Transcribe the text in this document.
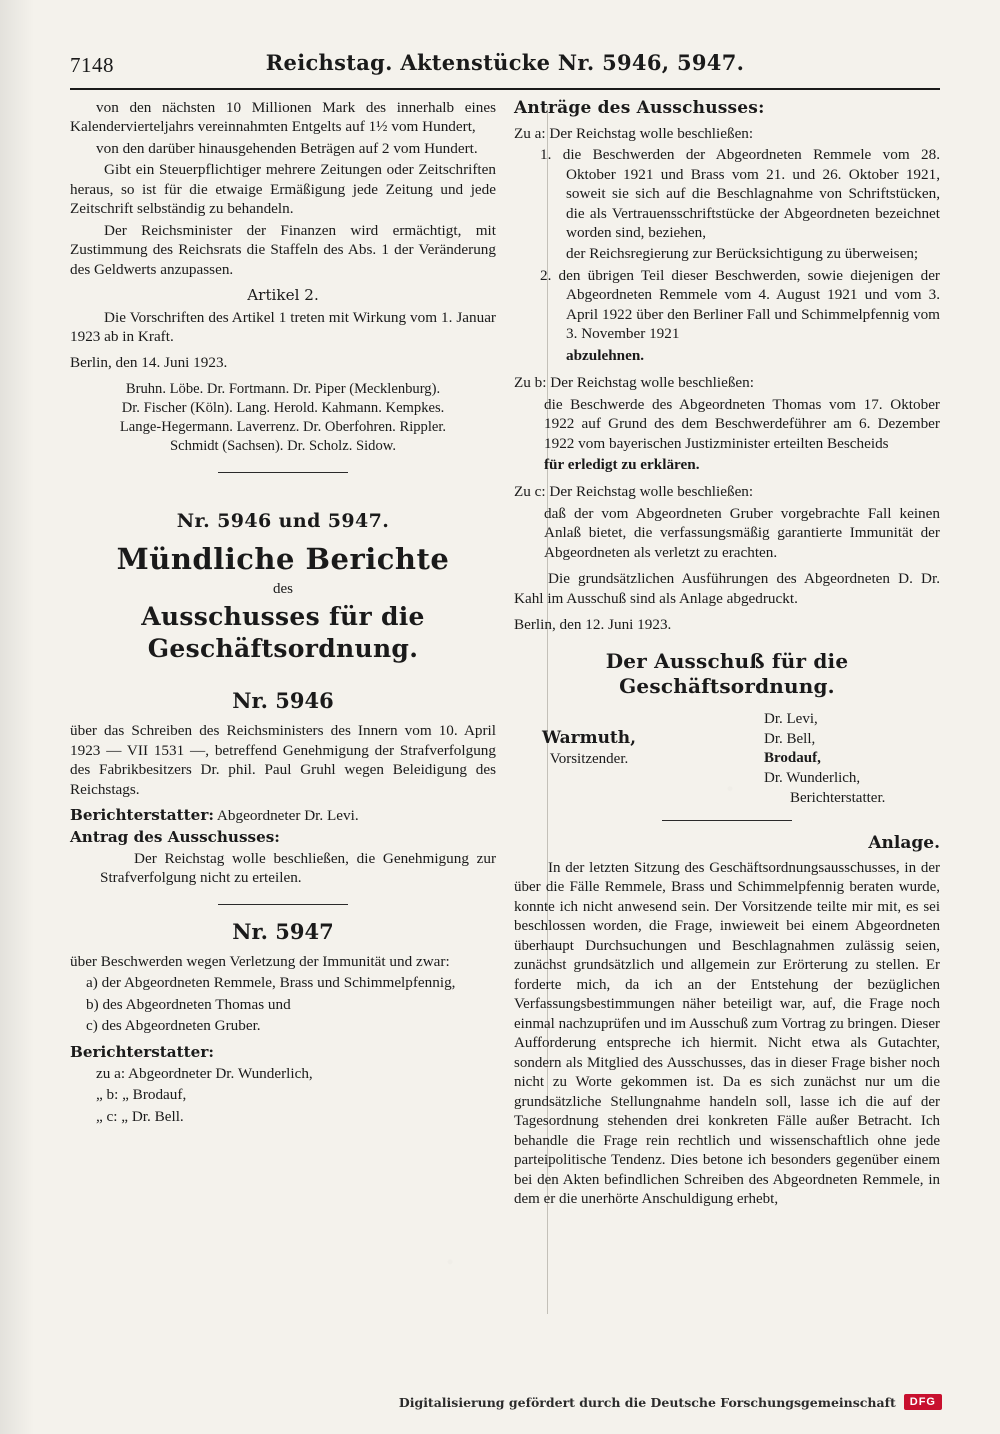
7148	Reichstag. Aktenstücke Nr. 5946, 5947.

von den nächsten 10 Millionen Mark des innerhalb eines Kalendervierteljahrs vereinnahmten Entgelts auf 1½ vom Hundert,

von den darüber hinausgehenden Beträgen auf 2 vom Hundert.

Gibt ein Steuerpflichtiger mehrere Zeitungen oder Zeitschriften heraus, so ist für die etwaige Ermäßigung jede Zeitung und jede Zeitschrift selbständig zu behandeln.

Der Reichsminister der Finanzen wird ermächtigt, mit Zustimmung des Reichsrats die Staffeln des Abs. 1 der Veränderung des Geldwerts anzupassen.

Artikel 2.

Die Vorschriften des Artikel 1 treten mit Wirkung vom 1. Januar 1923 ab in Kraft.

Berlin, den 14. Juni 1923.

Bruhn. Löbe. Dr. Fortmann. Dr. Piper (Mecklenburg).
Dr. Fischer (Köln). Lang. Herold. Kahmann. Kempkes.
Lange-Hegermann. Laverrenz. Dr. Oberfohren. Rippler.
Schmidt (Sachsen). Dr. Scholz. Sidow.

Nr. 5946 und 5947.

Mündliche Berichte

des

Ausschusses für die Geschäftsordnung.

Nr. 5946

über das Schreiben des Reichsministers des Innern vom 10. April 1923 — VII 1531 —, betreffend Genehmigung der Strafverfolgung des Fabrikbesitzers Dr. phil. Paul Gruhl wegen Beleidigung des Reichstags.

Berichterstatter: Abgeordneter Dr. Levi.

Antrag des Ausschusses:

Der Reichstag wolle beschließen, die Genehmigung zur Strafverfolgung nicht zu erteilen.

Nr. 5947

über Beschwerden wegen Verletzung der Immunität und zwar:

a) der Abgeordneten Remmele, Brass und Schimmelpfennig,

b) des Abgeordneten Thomas und

c) des Abgeordneten Gruber.

Berichterstatter:

zu a: Abgeordneter Dr. Wunderlich,

„ b: „ Brodauf,

„ c: „ Dr. Bell.

Anträge des Ausschusses:

Zu a: Der Reichstag wolle beschließen:

1. die Beschwerden der Abgeordneten Remmele vom 28. Oktober 1921 und Brass vom 21. und 26. Oktober 1921, soweit sie sich auf die Beschlagnahme von Schriftstücken, die als Vertrauensschriftstücke der Abgeordneten bezeichnet worden sind, beziehen,

der Reichsregierung zur Berücksichtigung zu überweisen;

2. den übrigen Teil dieser Beschwerden, sowie diejenigen der Abgeordneten Remmele vom 4. August 1921 und vom 3. April 1922 über den Berliner Fall und Schimmelpfennig vom 3. November 1921

abzulehnen.

Zu b: Der Reichstag wolle beschließen:

die Beschwerde des Abgeordneten Thomas vom 17. Oktober 1922 auf Grund des dem Beschwerdeführer am 6. Dezember 1922 vom bayerischen Justizminister erteilten Bescheids

für erledigt zu erklären.

Zu c: Der Reichstag wolle beschließen:

daß der vom Abgeordneten Gruber vorgebrachte Fall keinen Anlaß bietet, die verfassungsmäßig garantierte Immunität der Abgeordneten als verletzt zu erachten.

Die grundsätzlichen Ausführungen des Abgeordneten D. Dr. Kahl im Ausschuß sind als Anlage abgedruckt.

Berlin, den 12. Juni 1923.

Der Ausschuß für die Geschäftsordnung.

Warmuth,
Vorsitzender.
Dr. Levi,
Dr. Bell,
Brodauf,
Dr. Wunderlich,
Berichterstatter.

Anlage.

In der letzten Sitzung des Geschäftsordnungsausschusses, in der über die Fälle Remmele, Brass und Schimmelpfennig beraten wurde, konnte ich nicht anwesend sein. Der Vorsitzende teilte mir mit, es sei beschlossen worden, die Frage, inwieweit bei einem Abgeordneten überhaupt Durchsuchungen und Beschlagnahmen zulässig seien, zunächst grundsätzlich und allgemein zur Erörterung zu stellen. Er forderte mich, da ich an der Entstehung der bezüglichen Verfassungsbestimmungen näher beteiligt war, auf, die Frage noch einmal nachzuprüfen und im Ausschuß zum Vortrag zu bringen. Dieser Aufforderung entspreche ich hiermit. Nicht etwa als Gutachter, sondern als Mitglied des Ausschusses, das in dieser Frage bisher noch nicht zu Worte gekommen ist. Da es sich zunächst nur um die grundsätzliche Stellungnahme handeln soll, lasse ich die auf der Tagesordnung stehenden drei konkreten Fälle außer Betracht. Ich behandle die Frage rein rechtlich und wissenschaftlich ohne jede parteipolitische Tendenz. Dies betone ich besonders gegenüber einem bei den Akten befindlichen Schreiben des Abgeordneten Remmele, in dem er die unerhörte Anschuldigung erhebt,

Digitalisierung gefördert durch die Deutsche Forschungsgemeinschaft	DFG
